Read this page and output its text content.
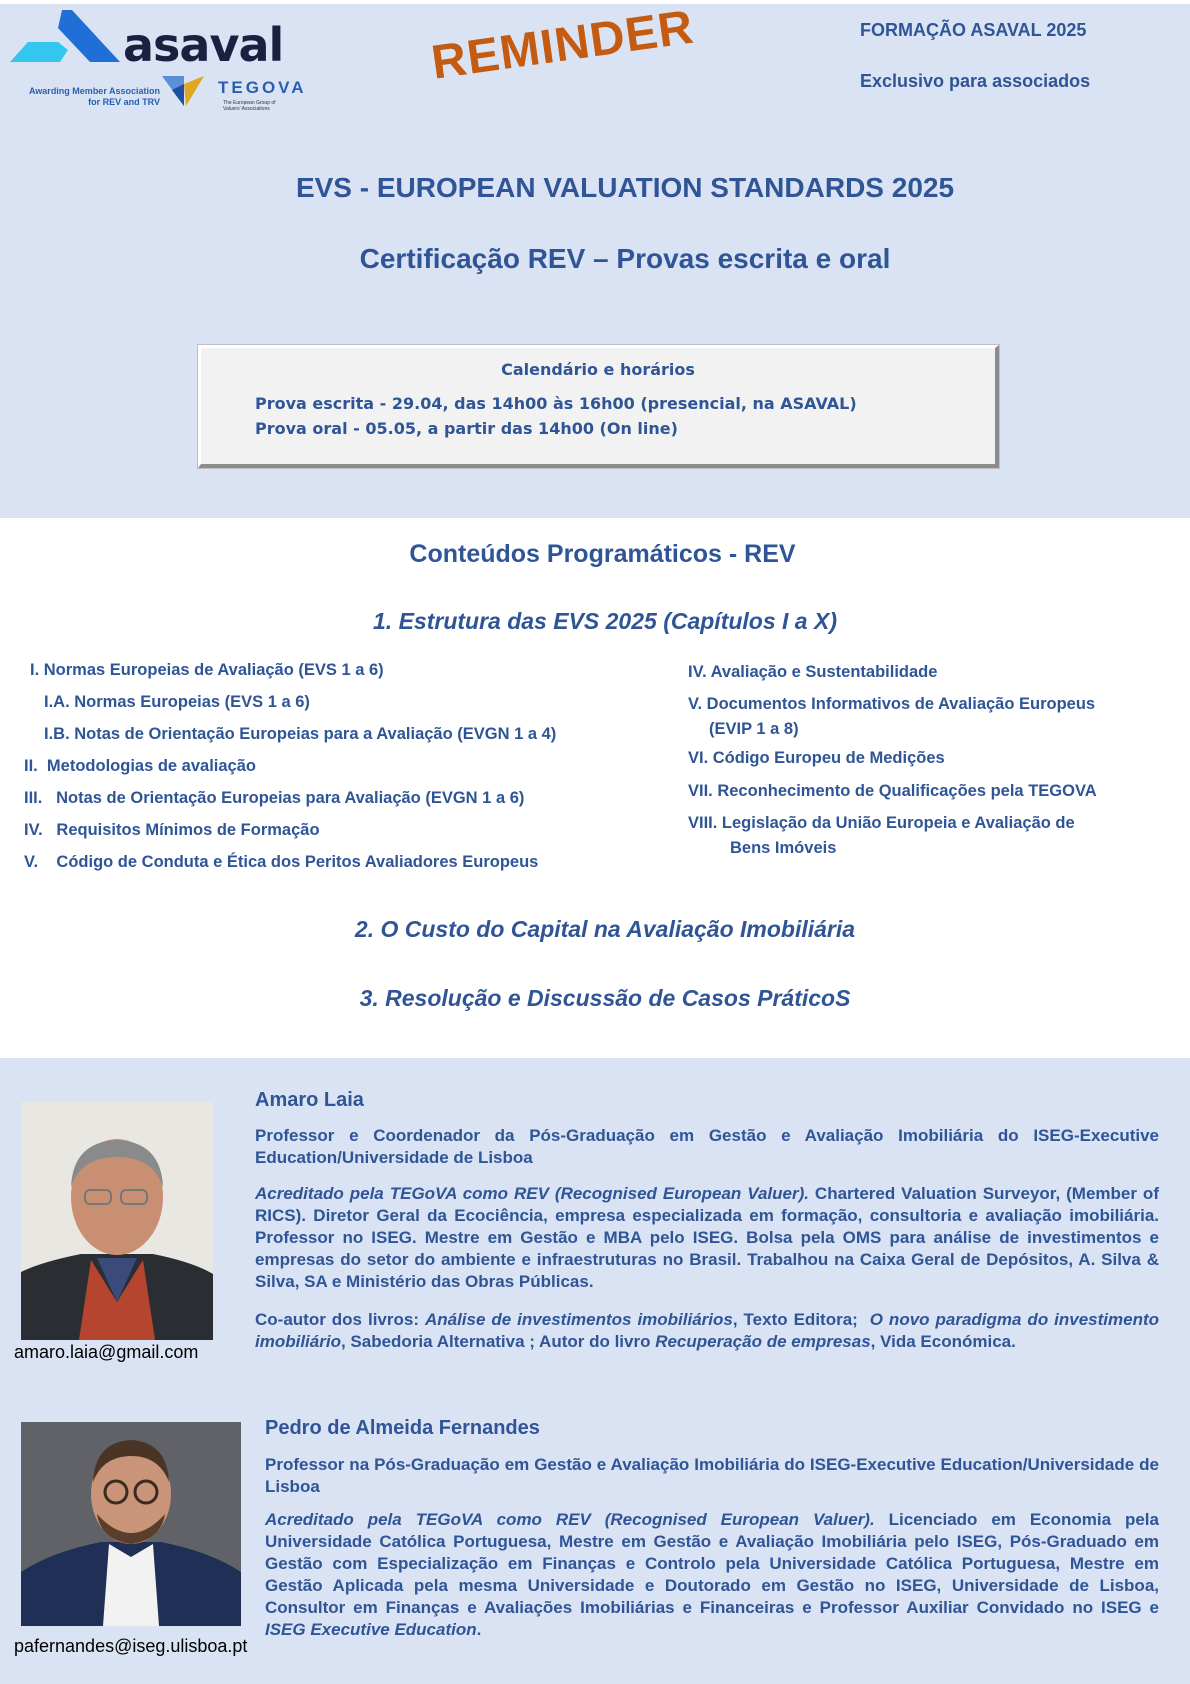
asaval
Awarding Member Association
for REV and TRV
TEGOVA
The European Group of Valuers' Associations
REMINDER	FORMAÇÃO ASAVAL 2025
Exclusivo para associados
EVS - EUROPEAN VALUATION STANDARDS 2025
Certificação REV – Provas escrita e oral
Calendário e horários
Prova escrita - 29.04, das 14h00 às 16h00 (presencial, na ASAVAL)
Prova oral - 05.05, a partir das 14h00 (On line)
Conteúdos Programáticos - REV
1. Estrutura das EVS 2025 (Capítulos I a X)
I. Normas Europeias de Avaliação (EVS 1 a 6)
I.A. Normas Europeias (EVS 1 a 6)
I.B. Notas de Orientação Europeias para a Avaliação (EVGN 1 a 4)
II.  Metodologias de avaliação
III.   Notas de Orientação Europeias para Avaliação (EVGN 1 a 6)
IV.   Requisitos Mínimos de Formação
V.    Código de Conduta e Ética dos Peritos Avaliadores Europeus
IV. Avaliação e Sustentabilidade
V. Documentos Informativos de Avaliação Europeus
(EVIP 1 a 8)
VI. Código Europeu de Medições
VII. Reconhecimento de Qualificações pela TEGOVA
VIII. Legislação da União Europeia e Avaliação de
Bens Imóveis
2. O Custo do Capital na Avaliação Imobiliária
3. Resolução e Discussão de Casos PráticoS
amaro.laia@gmail.com
Amaro Laia
Professor e Coordenador da Pós-Graduação em Gestão e Avaliação Imobiliária do ISEG-Executive Education/Universidade de Lisboa
Acreditado pela TEGoVA como REV (Recognised European Valuer). Chartered Valuation Surveyor, (Member of RICS). Diretor Geral da Ecociência, empresa especializada em formação, consultoria e avaliação imobiliária. Professor no ISEG. Mestre em Gestão e MBA pelo ISEG. Bolsa pela OMS para análise de investimentos e empresas do setor do ambiente e infraestruturas no Brasil. Trabalhou na Caixa Geral de Depósitos, A. Silva & Silva, SA e Ministério das Obras Públicas.
Co-autor dos livros: Análise de investimentos imobiliários, Texto Editora;  O novo paradigma do investimento imobiliário, Sabedoria Alternativa ; Autor do livro Recuperação de empresas, Vida Económica.
pafernandes@iseg.ulisboa.pt
Pedro de Almeida Fernandes
Professor na Pós-Graduação em Gestão e Avaliação Imobiliária do ISEG-Executive Education/Universidade de Lisboa
Acreditado pela TEGoVA como REV (Recognised European Valuer). Licenciado em Economia pela Universidade Católica Portuguesa, Mestre em Gestão e Avaliação Imobiliária pelo ISEG, Pós-Graduado em Gestão com Especialização em Finanças e Controlo pela Universidade Católica Portuguesa, Mestre em Gestão Aplicada pela mesma Universidade e Doutorado em Gestão no ISEG, Universidade de Lisboa, Consultor em Finanças e Avaliações Imobiliárias e Financeiras e Professor Auxiliar Convidado no ISEG e ISEG Executive Education.
